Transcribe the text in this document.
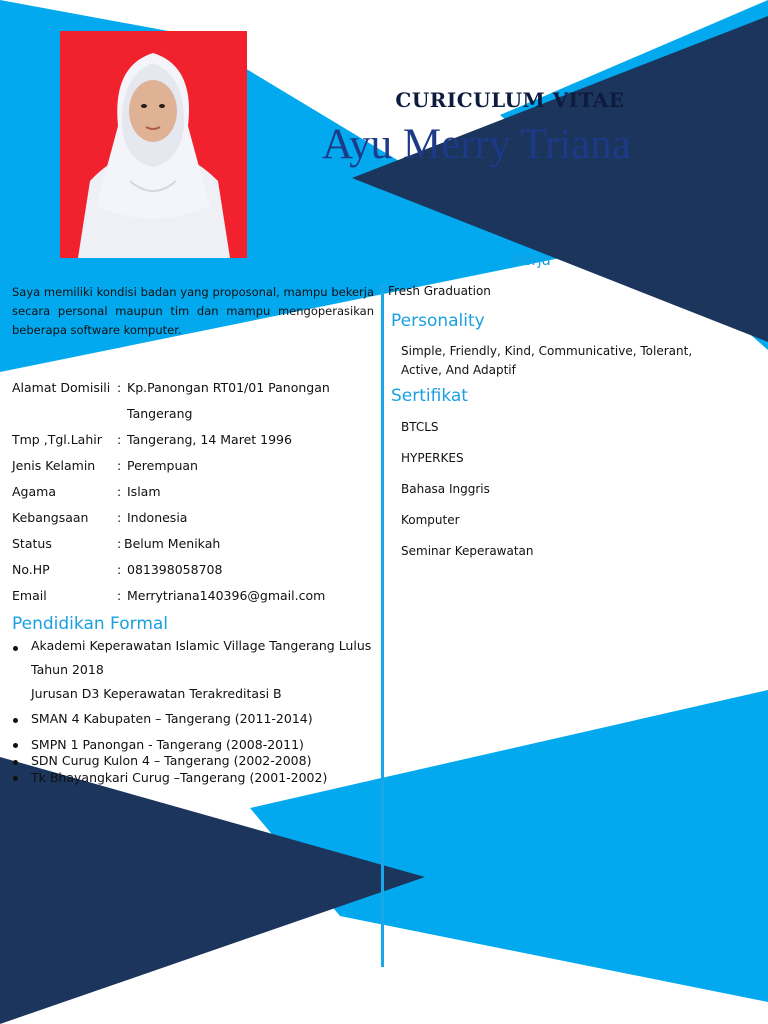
CURICULUM VITAE
Ayu Merry Triana
Saya memiliki kondisi badan yang proposonal, mampu bekerja secara personal maupun tim dan mampu mengoperasikan beberapa software komputer.
Alamat Domisili : Kp.Panongan RT01/01 Panongan
Tangerang
Tmp ,Tgl.Lahir : Tangerang, 14 Maret 1996
Jenis Kelamin : Perempuan
Agama	: Islam
Kebangsaan : Indonesia
Status	: Belum Menikah
No.HP	: 081398058708
Email	: Merrytriana140396@gmail.com
Pendidikan Formal
Akademi Keperawatan Islamic Village Tangerang Lulus
Tahun 2018
Jurusan D3 Keperawatan Terakreditasi B
SMAN 4 Kabupaten – Tangerang (2011-2014)
SMPN 1 Panongan - Tangerang (2008-2011)
SDN Curug Kulon 4 – Tangerang (2002-2008)
Tk Bhayangkari Curug –Tangerang (2001-2002)
Kerja
Fresh Graduation
Personality
Simple, Friendly, Kind, Communicative, Tolerant,
Active, And Adaptif
Sertifikat
BTCLS
HYPERKES
Bahasa Inggris
Komputer
Seminar Keperawatan
